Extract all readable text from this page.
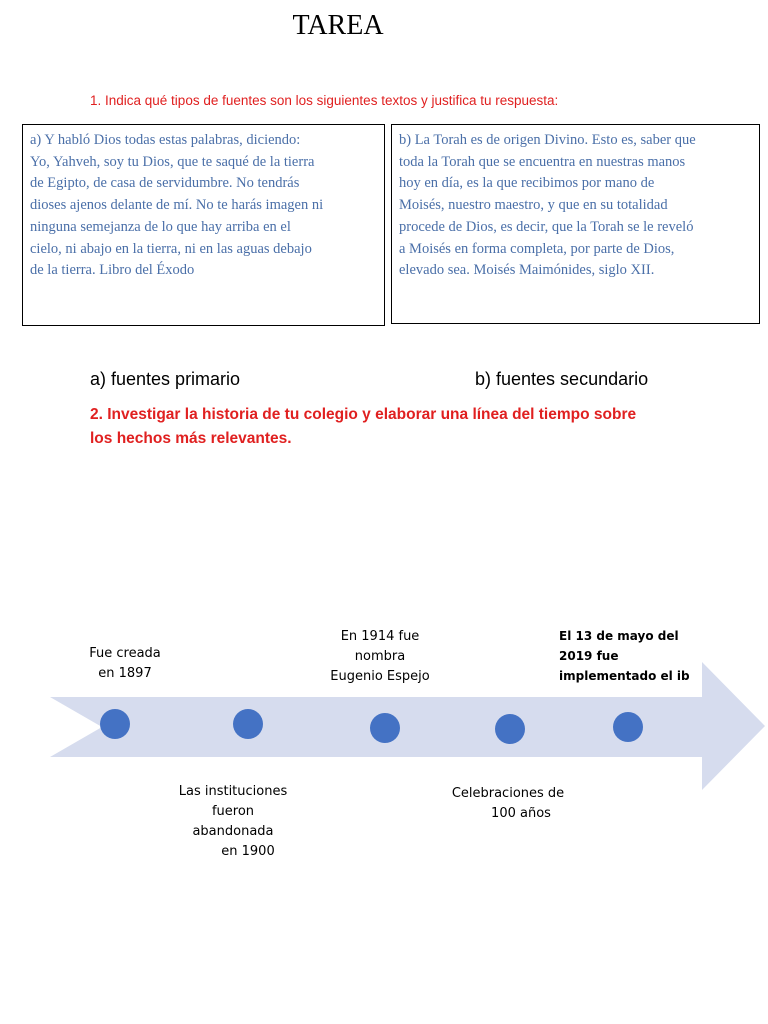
TAREA
1. Indica qué tipos de fuentes son los siguientes textos y justifica tu respuesta:
a) Y habló Dios todas estas palabras, diciendo:
Yo, Yahveh, soy tu Dios, que te saqué de la tierra
de Egipto, de casa de servidumbre. No tendrás
dioses ajenos delante de mí. No te harás imagen ni
ninguna semejanza de lo que hay arriba en el
cielo, ni abajo en la tierra, ni en las aguas debajo
de la tierra. Libro del Éxodo
b) La Torah es de origen Divino. Esto es, saber que
toda la Torah que se encuentra en nuestras manos
hoy en día, es la que recibimos por mano de
Moisés, nuestro maestro, y que en su totalidad
procede de Dios, es decir, que la Torah se le reveló
a Moisés en forma completa, por parte de Dios,
elevado sea. Moisés Maimónides, siglo XII.
a) fuentes primario	b) fuentes secundario
2. Investigar la historia de tu colegio y elaborar una línea del tiempo sobre
los hechos más relevantes.
Fue creada
en 1897
Las instituciones
fueron
abandonada
en 1900
En 1914 fue
nombra
Eugenio Espejo
Celebraciones de
100 años
El 13 de mayo del
2019 fue
implementado el ib
